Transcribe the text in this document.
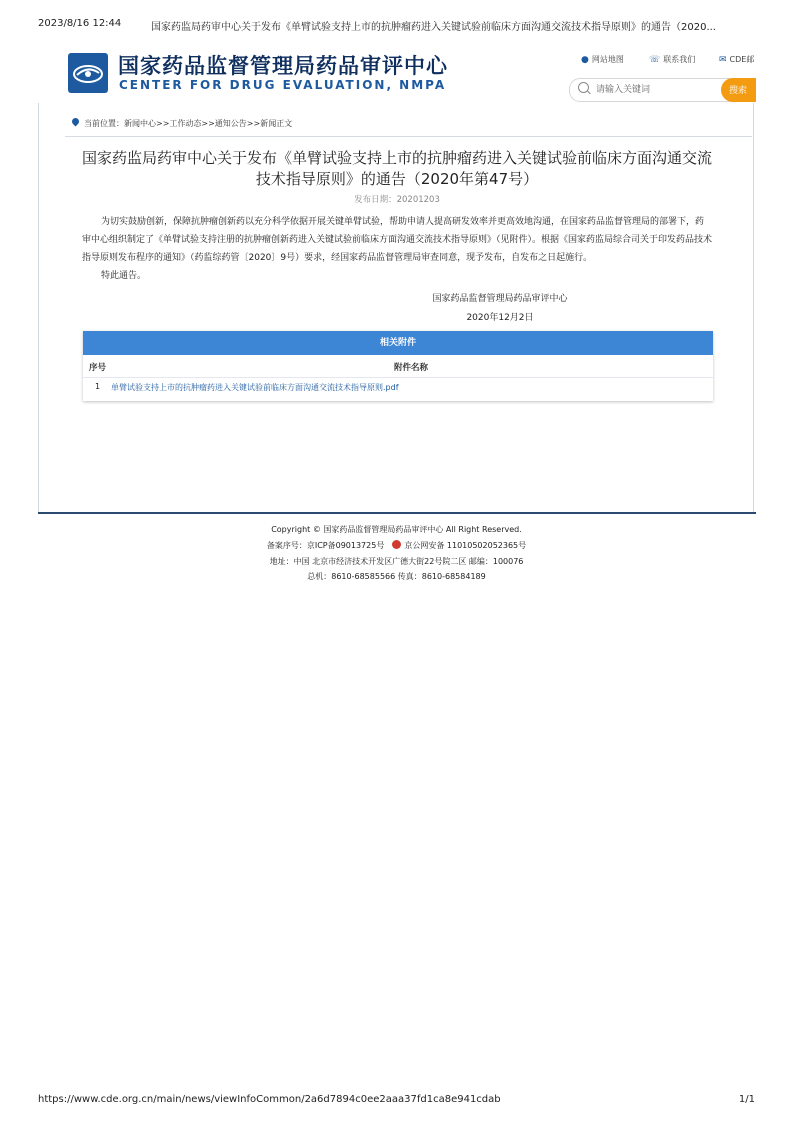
2023/8/16 12:44	国家药监局药审中心关于发布《单臂试验支持上市的抗肿瘤药进入关键试验前临床方面沟通交流技术指导原则》的通告（2020...
国家药品监督管理局药品审评中心
CENTER FOR DRUG EVALUATION, NMPA
● 网站地图	☏ 联系我们	✉ CDE邮
请输入关键词
搜索
当前位置：新闻中心>>工作动态>>通知公告>>新闻正文
国家药监局药审中心关于发布《单臂试验支持上市的抗肿瘤药进入关键试验前临床方面沟通交流技术指导原则》的通告（2020年第47号）
发布日期：20201203

为切实鼓励创新，保障抗肿瘤创新药以充分科学依据开展关键单臂试验，帮助申请人提高研发效率并更高效地沟通，在国家药品监督管理局的部署下，药审中心组织制定了《单臂试验支持注册的抗肿瘤创新药进入关键试验前临床方面沟通交流技术指导原则》（见附件）。根据《国家药监局综合司关于印发药品技术指导原则发布程序的通知》（药监综药管〔2020〕9号）要求，经国家药品监督管理局审查同意，现予发布，自发布之日起施行。

特此通告。

国家药品监督管理局药品审评中心
2020年12月2日
相关附件
序号	附件名称
1 单臂试验支持上市的抗肿瘤药进入关键试验前临床方面沟通交流技术指导原则.pdf
Copyright © 国家药品监督管理局药品审评中心 All Right Reserved.
备案序号：京ICP备09013725号	京公网安备 11010502052365号
地址：中国 北京市经济技术开发区广德大街22号院二区 邮编：100076
总机：8610-68585566 传真：8610-68584189
https://www.cde.org.cn/main/news/viewInfoCommon/2a6d7894c0ee2aaa37fd1ca8e941cdab	1/1
